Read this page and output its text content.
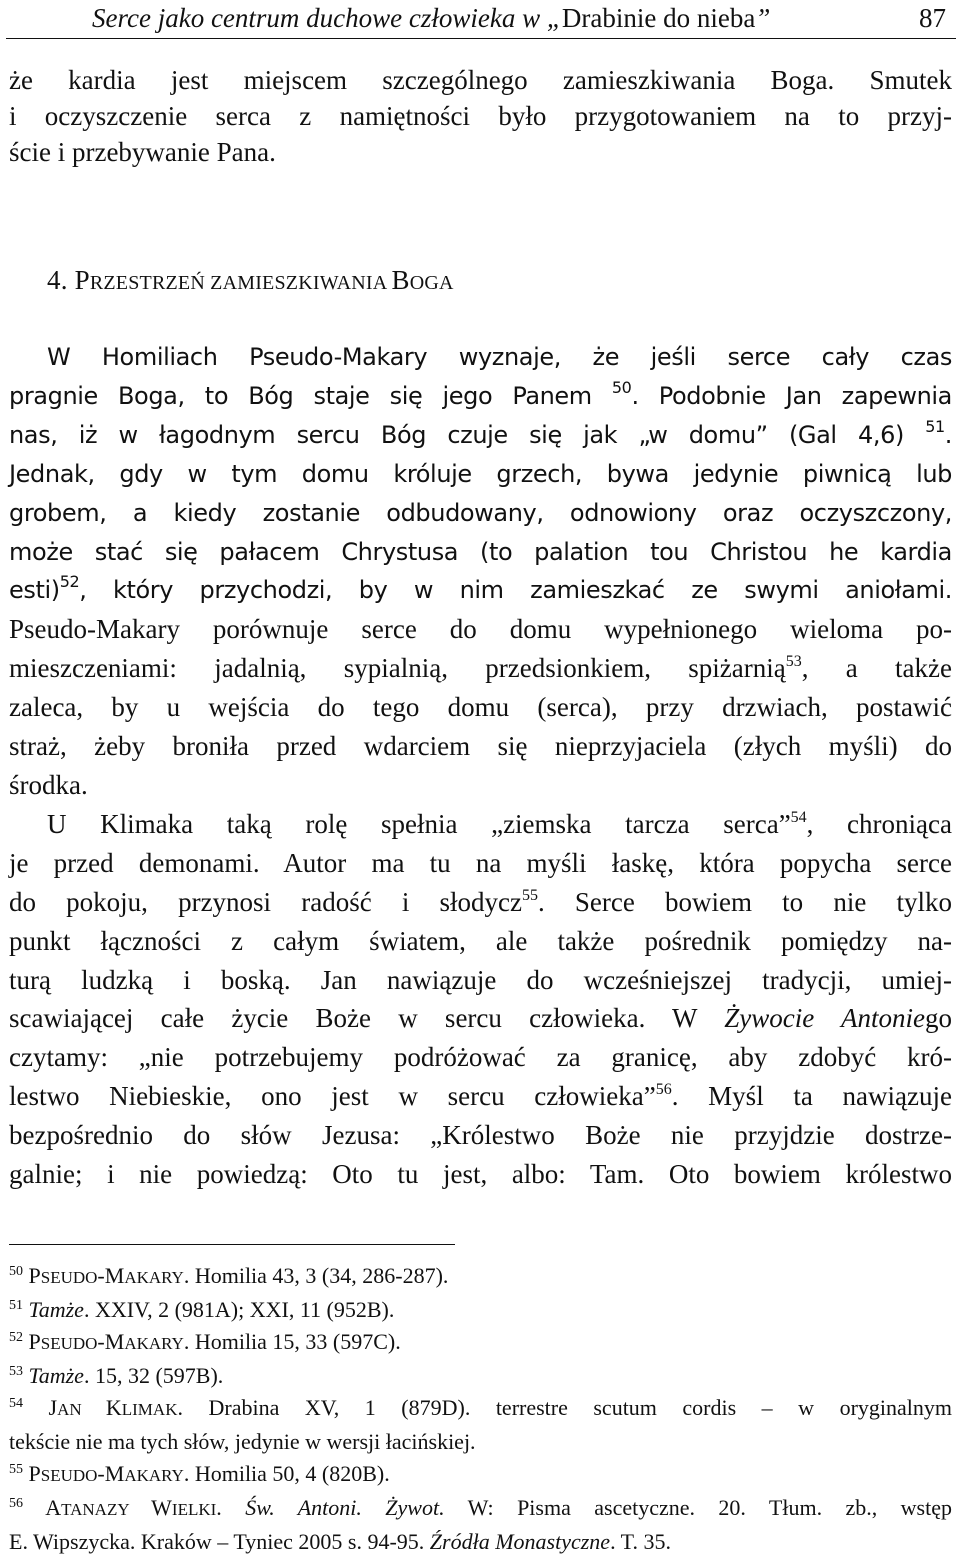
Serce jako centrum duchowe człowieka w „Drabinie do nieba”	87
że kardia jest miejscem szczególnego zamieszkiwania Boga. Smutek
i oczyszczenie serca z namiętności było przygotowaniem na to przyj-
ście i przebywanie Pana.
4. PRZESTRZEŃ ZAMIESZKIWANIA BOGA
W Homiliach Pseudo-Makary wyznaje, że jeśli serce cały czas
pragnie Boga, to Bóg staje się jego Panem $^{50}$. Podobnie Jan zapewnia
nas, iż w łagodnym sercu Bóg czuje się jak „w domu” (Gal 4,6) $^{51}$.
Jednak, gdy w tym domu króluje grzech, bywa jedynie piwnicą lub
grobem, a kiedy zostanie odbudowany, odnowiony oraz oczyszczony,
może stać się pałacem Chrystusa (to palation tou Christou he kardia
esti)$^{52}$, który przychodzi, by w nim zamieszkać ze swymi aniołami.
Pseudo-Makary porównuje serce do domu wypełnionego wieloma po-
mieszczeniami: jadalnią, sypialnią, przedsionkiem, spiżarnią$^{53}$, a także
zaleca, by u wejścia do tego domu (serca), przy drzwiach, postawić
straż, żeby broniła przed wdarciem się nieprzyjaciela (złych myśli) do
środka.
U Klimaka taką rolę spełnia „ziemska tarcza serca”$^{54}$, chroniąca
je przed demonami. Autor ma tu na myśli łaskę, która popycha serce
do pokoju, przynosi radość i słodycz$^{55}$. Serce bowiem to nie tylko
punkt łączności z całym światem, ale także pośrednik pomiędzy na-
turą ludzką i boską. Jan nawiązuje do wcześniejszej tradycji, umiej-
scawiającej całe życie Boże w sercu człowieka. W Żywocie Antoniego
czytamy: „nie potrzebujemy podróżować za granicę, aby zdobyć kró-
lestwo Niebieskie, ono jest w sercu człowieka”$^{56}$. Myśl ta nawiązuje
bezpośrednio do słów Jezusa: „Królestwo Boże nie przyjdzie dostrze-
galnie; i nie powiedzą: Oto tu jest, albo: Tam. Oto bowiem królestwo
$^{50}$ PSEUDO-MAKARY. Homilia 43, 3 (34, 286-287).
$^{51}$ Tamże. XXIV, 2 (981A); XXI, 11 (952B).
$^{52}$ PSEUDO-MAKARY. Homilia 15, 33 (597C).
$^{53}$ Tamże. 15, 32 (597B).
$^{54}$ JAN KLIMAK. Drabina XV, 1 (879D). terrestre scutum cordis – w oryginalnym
tekście nie ma tych słów, jedynie w wersji łacińskiej.
$^{55}$ PSEUDO-MAKARY. Homilia 50, 4 (820B).
$^{56}$ ATANAZY WIELKI. Św. Antoni. Żywot. W: Pisma ascetyczne. 20. Tłum. zb., wstęp
E. Wipszycka. Kraków – Tyniec 2005 s. 94-95. Źródła Monastyczne. T. 35.
